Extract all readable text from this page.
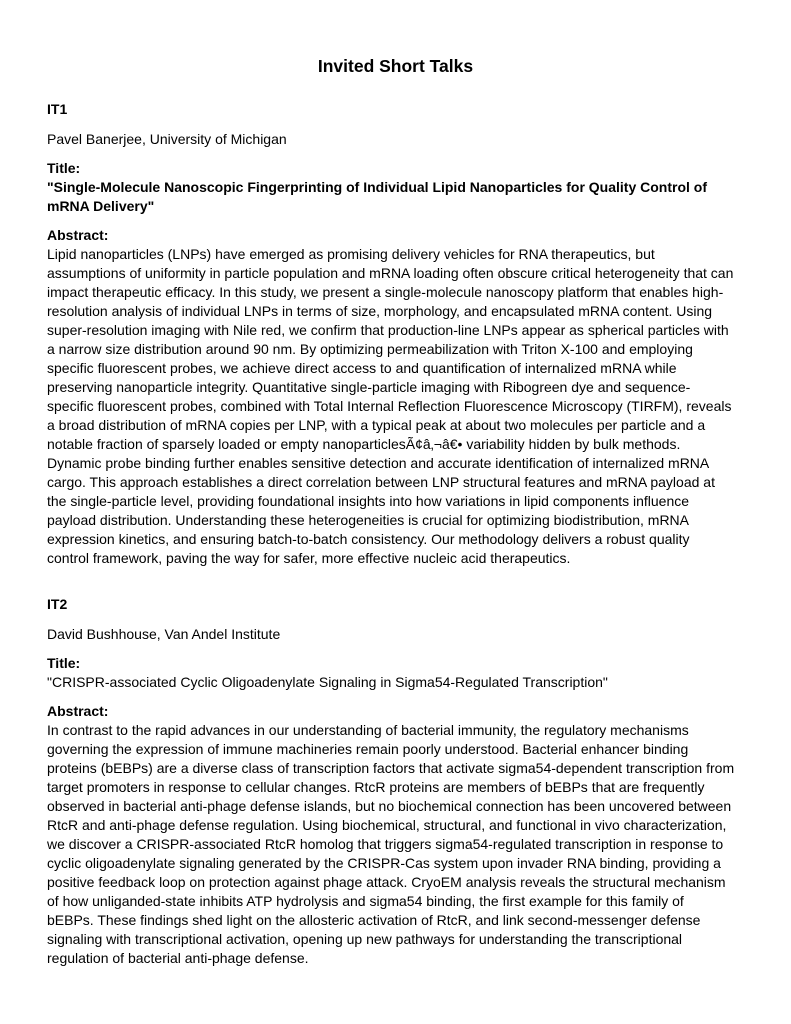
Invited Short Talks
IT1
Pavel Banerjee, University of Michigan
Title:
"Single-Molecule Nanoscopic Fingerprinting of Individual Lipid Nanoparticles for Quality Control of
mRNA Delivery"
Abstract:
Lipid nanoparticles (LNPs) have emerged as promising delivery vehicles for RNA therapeutics, but
assumptions of uniformity in particle population and mRNA loading often obscure critical heterogeneity that can
impact therapeutic efficacy. In this study, we present a single-molecule nanoscopy platform that enables high-
resolution analysis of individual LNPs in terms of size, morphology, and encapsulated mRNA content. Using
super-resolution imaging with Nile red, we confirm that production-line LNPs appear as spherical particles with
a narrow size distribution around 90 nm. By optimizing permeabilization with Triton X-100 and employing
specific fluorescent probes, we achieve direct access to and quantification of internalized mRNA while
preserving nanoparticle integrity. Quantitative single-particle imaging with Ribogreen dye and sequence-
specific fluorescent probes, combined with Total Internal Reflection Fluorescence Microscopy (TIRFM), reveals
a broad distribution of mRNA copies per LNP, with a typical peak at about two molecules per particle and a
notable fraction of sparsely loaded or empty nanoparticlesÃ¢â‚¬â€• variability hidden by bulk methods.
Dynamic probe binding further enables sensitive detection and accurate identification of internalized mRNA
cargo. This approach establishes a direct correlation between LNP structural features and mRNA payload at
the single-particle level, providing foundational insights into how variations in lipid components influence
payload distribution. Understanding these heterogeneities is crucial for optimizing biodistribution, mRNA
expression kinetics, and ensuring batch-to-batch consistency. Our methodology delivers a robust quality
control framework, paving the way for safer, more effective nucleic acid therapeutics.
IT2
David Bushhouse, Van Andel Institute
Title:
"CRISPR-associated Cyclic Oligoadenylate Signaling in Sigma54-Regulated Transcription"
Abstract:
In contrast to the rapid advances in our understanding of bacterial immunity, the regulatory mechanisms
governing the expression of immune machineries remain poorly understood. Bacterial enhancer binding
proteins (bEBPs) are a diverse class of transcription factors that activate sigma54-dependent transcription from
target promoters in response to cellular changes. RtcR proteins are members of bEBPs that are frequently
observed in bacterial anti-phage defense islands, but no biochemical connection has been uncovered between
RtcR and anti-phage defense regulation. Using biochemical, structural, and functional in vivo characterization,
we discover a CRISPR-associated RtcR homolog that triggers sigma54-regulated transcription in response to
cyclic oligoadenylate signaling generated by the CRISPR-Cas system upon invader RNA binding, providing a
positive feedback loop on protection against phage attack. CryoEM analysis reveals the structural mechanism
of how unliganded-state inhibits ATP hydrolysis and sigma54 binding, the first example for this family of
bEBPs. These findings shed light on the allosteric activation of RtcR, and link second-messenger defense
signaling with transcriptional activation, opening up new pathways for understanding the transcriptional
regulation of bacterial anti-phage defense.
